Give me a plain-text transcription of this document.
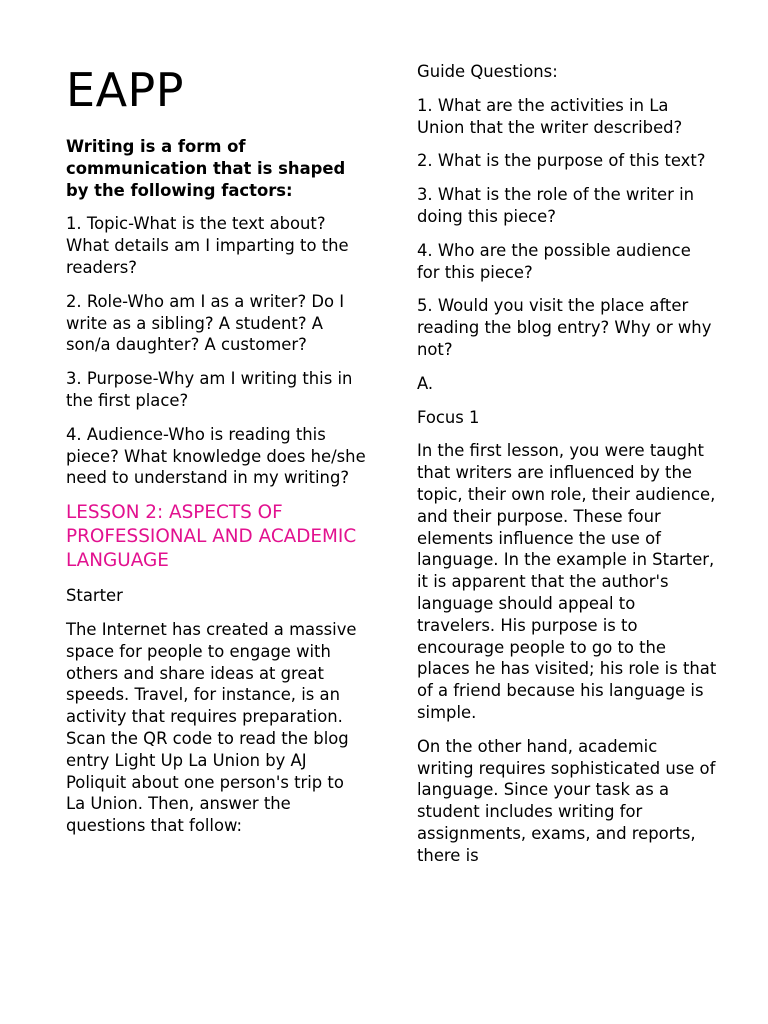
EAPP

Writing is a form of communication that is shaped by the following factors:

1. Topic-What is the text about? What details am I imparting to the readers?

2. Role-Who am I as a writer? Do I write as a sibling? A student? A son/a daughter? A customer?

3. Purpose-Why am I writing this in the first place?

4. Audience-Who is reading this piece? What knowledge does he/she need to understand in my writing?

LESSON 2: ASPECTS OF PROFESSIONAL AND ACADEMIC LANGUAGE

Starter

The Internet has created a massive space for people to engage with others and share ideas at great speeds. Travel, for instance, is an activity that requires preparation. Scan the QR code to read the blog entry Light Up La Union by AJ Poliquit about one person's trip to La Union. Then, answer the questions that follow:

Guide Questions:

1. What are the activities in La Union that the writer described?

2. What is the purpose of this text?

3. What is the role of the writer in doing this piece?

4. Who are the possible audience for this piece?

5. Would you visit the place after reading the blog entry? Why or why not?

A.

Focus 1

In the first lesson, you were taught that writers are influenced by the topic, their own role, their audience, and their purpose. These four elements influence the use of language. In the example in Starter, it is apparent that the author's language should appeal to travelers. His purpose is to encourage people to go to the places he has visited; his role is that of a friend because his language is simple.

On the other hand, academic writing requires sophisticated use of language. Since your task as a student includes writing for assignments, exams, and reports, there is
